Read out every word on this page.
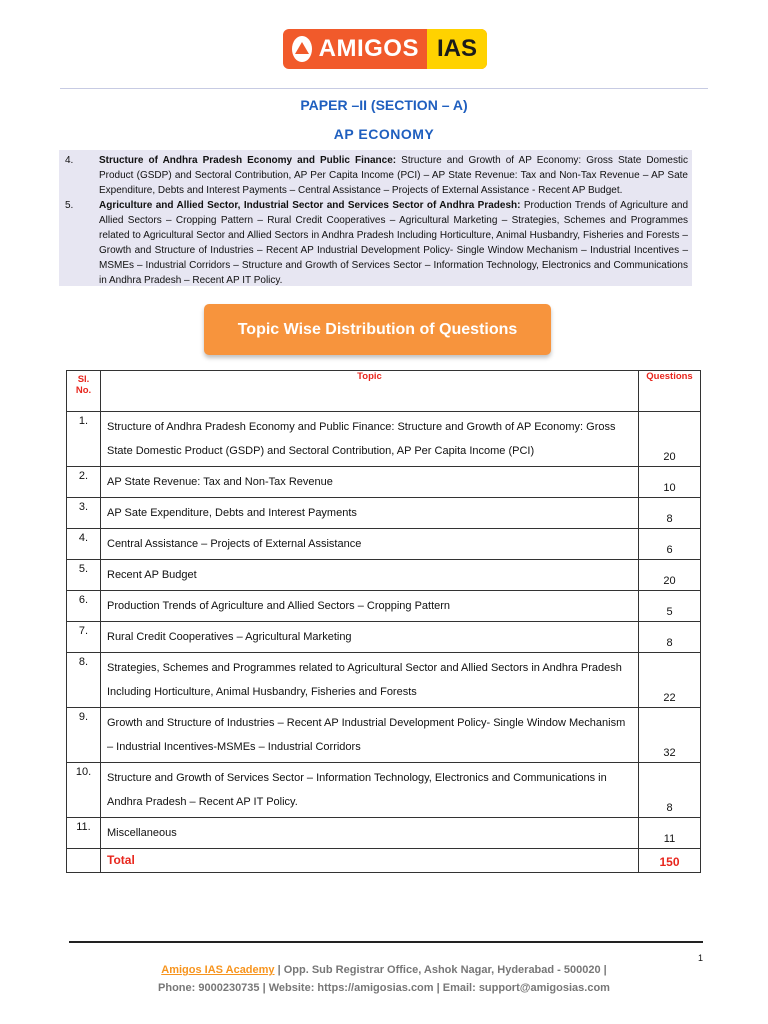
AMIGOS IAS
PAPER –II (SECTION – A)
AP ECONOMY
4.	Structure of Andhra Pradesh Economy and Public Finance: Structure and Growth of AP Economy: Gross State Domestic Product (GSDP) and Sectoral Contribution, AP Per Capita Income (PCI) – AP State Revenue: Tax and Non-Tax Revenue – AP Sate Expenditure, Debts and Interest Payments – Central Assistance – Projects of External Assistance - Recent AP Budget.
5.	Agriculture and Allied Sector, Industrial Sector and Services Sector of Andhra Pradesh: Production Trends of Agriculture and Allied Sectors – Cropping Pattern – Rural Credit Cooperatives – Agricultural Marketing – Strategies, Schemes and Programmes related to Agricultural Sector and Allied Sectors in Andhra Pradesh Including Horticulture, Animal Husbandry, Fisheries and Forests – Growth and Structure of Industries – Recent AP Industrial Development Policy- Single Window Mechanism – Industrial Incentives – MSMEs – Industrial Corridors – Structure and Growth of Services Sector – Information Technology, Electronics and Communications in Andhra Pradesh – Recent AP IT Policy.
Topic Wise Distribution of Questions
Sl.
No.	Topic	Questions
1.	Structure of Andhra Pradesh Economy and Public Finance: Structure and Growth of AP Economy: Gross State Domestic Product (GSDP) and Sectoral Contribution, AP Per Capita Income (PCI)	20
2.	AP State Revenue: Tax and Non-Tax Revenue	10
3.	AP Sate Expenditure, Debts and Interest Payments	8
4.	Central Assistance – Projects of External Assistance	6
5.	Recent AP Budget	20
6.	Production Trends of Agriculture and Allied Sectors – Cropping Pattern	5
7.	Rural Credit Cooperatives – Agricultural Marketing	8
8.	Strategies, Schemes and Programmes related to Agricultural Sector and Allied Sectors in Andhra Pradesh Including Horticulture, Animal Husbandry, Fisheries and Forests	22
9.	Growth and Structure of Industries – Recent AP Industrial Development Policy- Single Window Mechanism – Industrial Incentives-MSMEs – Industrial Corridors	32
10.	Structure and Growth of Services Sector – Information Technology, Electronics and Communications in Andhra Pradesh – Recent AP IT Policy.	8
11.	Miscellaneous	11
	Total	150
1
Amigos IAS Academy | Opp. Sub Registrar Office, Ashok Nagar, Hyderabad - 500020 |
Phone: 9000230735 | Website: https://amigosias.com | Email: support@amigosias.com
